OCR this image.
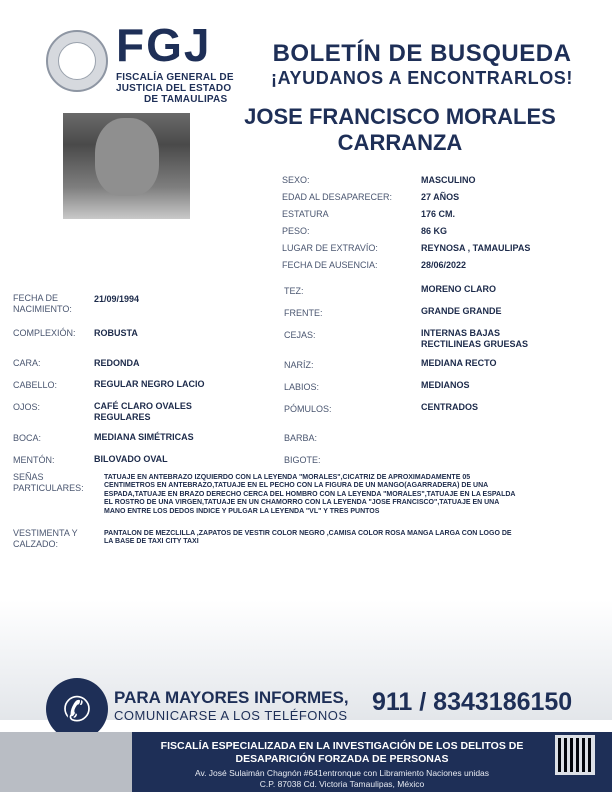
FGJ
FISCALÍA GENERAL DE
JUSTICIA DEL ESTADO
DE TAMAULIPAS
BOLETÍN DE BUSQUEDA
¡AYUDANOS A ENCONTRARLOS!
JOSE FRANCISCO MORALES
CARRANZA
SEXO:	MASCULINO
EDAD AL DESAPARECER:	27 AÑOS
ESTATURA	176 CM.
PESO:	86 KG
LUGAR DE EXTRAVÍO:	REYNOSA , TAMAULIPAS
FECHA DE AUSENCIA:	28/06/2022
FECHA DE
NACIMIENTO:
21/09/1994
COMPLEXIÓN: ROBUSTA
CARA:	REDONDA
CABELLO:	REGULAR NEGRO LACIO
OJOS:	CAFÉ CLARO OVALES
REGULARES
BOCA:	MEDIANA SIMÉTRICAS
MENTÓN:	BILOVADO OVAL
TEZ:	MORENO CLARO
FRENTE:	GRANDE GRANDE
CEJAS:	INTERNAS BAJAS
RECTILINEAS GRUESAS
NARÍZ:	MEDIANA RECTO
LABIOS:	MEDIANOS
PÓMULOS:	CENTRADOS
BARBA:
BIGOTE:
SEÑAS
PARTICULARES:
TATUAJE EN ANTEBRAZO IZQUIERDO CON LA LEYENDA "MORALES",CICATRIZ DE APROXIMADAMENTE 05
CENTIMETROS EN ANTEBRAZO,TATUAJE EN EL PECHO CON LA FIGURA DE UN MANGO(AGARRADERA) DE UNA
ESPADA,TATUAJE EN BRAZO DERECHO CERCA DEL HOMBRO CON LA LEYENDA "MORALES",TATUAJE EN LA ESPALDA
EL ROSTRO DE UNA VIRGEN,TATUAJE EN UN CHAMORRO CON LA LEYENDA "JOSE FRANCISCO",TATUAJE EN UNA
MANO ENTRE LOS DEDOS INDICE Y PULGAR LA LEYENDA "VL" Y TRES PUNTOS
VESTIMENTA Y
CALZADO:
PANTALON DE MEZCLILLA ,ZAPATOS DE VESTIR COLOR NEGRO ,CAMISA COLOR ROSA MANGA LARGA CON LOGO DE
LA BASE DE TAXI CITY TAXI
✆	PARA MAYORES INFORMES,
COMUNICARSE A LOS TELÉFONOS 911 / 8343186150
FISCALÍA ESPECIALIZADA EN LA INVESTIGACIÓN DE LOS DELITOS DE
DESAPARICIÓN FORZADA DE PERSONAS
Av. José Sulaimán Chagnón #641entronque con Libramiento Naciones unidas
C.P. 87038 Cd. Victoria Tamaulipas, México
